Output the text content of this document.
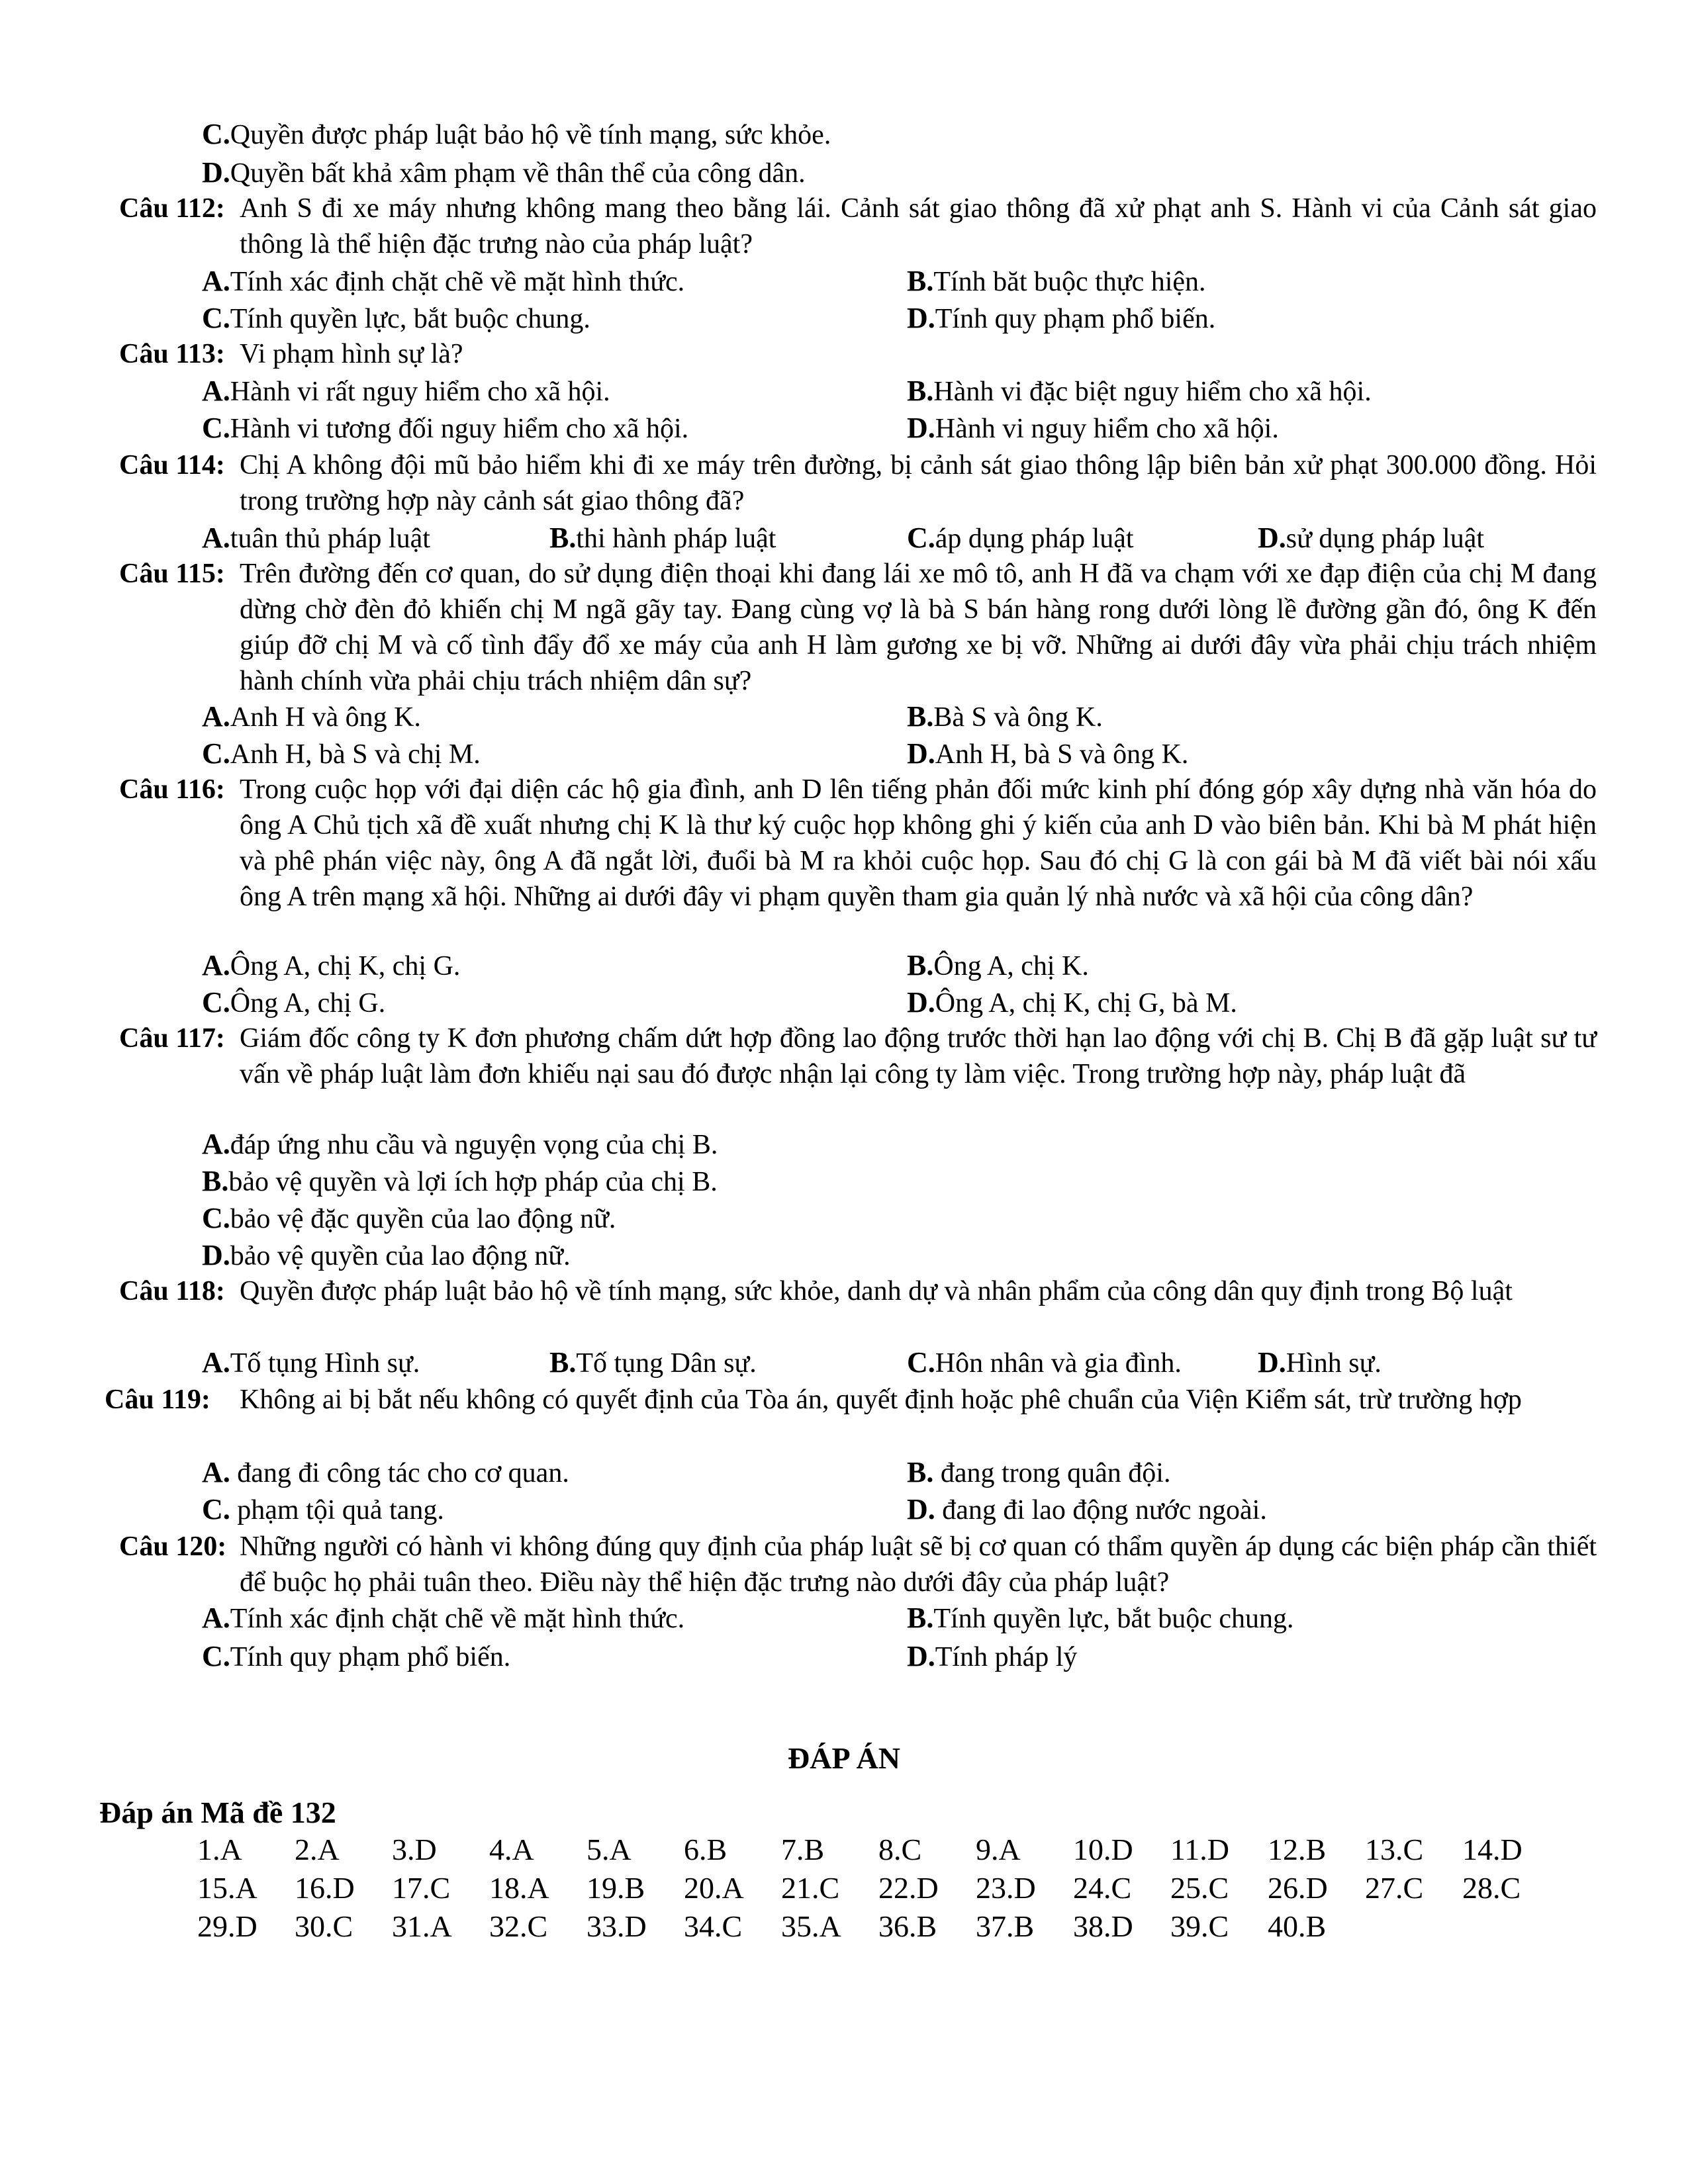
C.Quyền được pháp luật bảo hộ về tính mạng, sức khỏe.
D.Quyền bất khả xâm phạm về thân thể của công dân.
Câu 112: Anh S đi xe máy nhưng không mang theo bằng lái. Cảnh sát giao thông đã xử phạt anh S. Hành vi của Cảnh sát giao thông là thể hiện đặc trưng nào của pháp luật?
A.Tính xác định chặt chẽ về mặt hình thức.	B.Tính băt buộc thực hiện.
C.Tính quyền lực, bắt buộc chung.	D.Tính quy phạm phổ biến.
Câu 113: Vi phạm hình sự là?
A.Hành vi rất nguy hiểm cho xã hội.	B.Hành vi đặc biệt nguy hiểm cho xã hội.
C.Hành vi tương đối nguy hiểm cho xã hội.	D.Hành vi nguy hiểm cho xã hội.
Câu 114: Chị A không đội mũ bảo hiểm khi đi xe máy trên đường, bị cảnh sát giao thông lập biên bản xử phạt 300.000 đồng. Hỏi trong trường hợp này cảnh sát giao thông đã?
A.tuân thủ pháp luật	B.thi hành pháp luật	C.áp dụng pháp luật	D.sử dụng pháp luật
Câu 115: Trên đường đến cơ quan, do sử dụng điện thoại khi đang lái xe mô tô, anh H đã va chạm với xe đạp điện của chị M đang dừng chờ đèn đỏ khiến chị M ngã gãy tay. Đang cùng vợ là bà S bán hàng rong dưới lòng lề đường gần đó, ông K đến giúp đỡ chị M và cố tình đẩy đổ xe máy của anh H làm gương xe bị vỡ. Những ai dưới đây vừa phải chịu trách nhiệm hành chính vừa phải chịu trách nhiệm dân sự?
A.Anh H và ông K.	B.Bà S và ông K.
C.Anh H, bà S và chị M.	D.Anh H, bà S và ông K.
Câu 116: Trong cuộc họp với đại diện các hộ gia đình, anh D lên tiếng phản đối mức kinh phí đóng góp xây dựng nhà văn hóa do ông A Chủ tịch xã đề xuất nhưng chị K là thư ký cuộc họp không ghi ý kiến của anh D vào biên bản. Khi bà M phát hiện và phê phán việc này, ông A đã ngắt lời, đuổi bà M ra khỏi cuộc họp. Sau đó chị G là con gái bà M đã viết bài nói xấu ông A trên mạng xã hội. Những ai dưới đây vi phạm quyền tham gia quản lý nhà nước và xã hội của công dân?
A.Ông A, chị K, chị G.	B.Ông A, chị K.
C.Ông A, chị G.	D.Ông A, chị K, chị G, bà M.
Câu 117: Giám đốc công ty K đơn phương chấm dứt hợp đồng lao động trước thời hạn lao động với chị B. Chị B đã gặp luật sư tư vấn về pháp luật làm đơn khiếu nại sau đó được nhận lại công ty làm việc. Trong trường hợp này, pháp luật đã
A.đáp ứng nhu cầu và nguyện vọng của chị B.
B.bảo vệ quyền và lợi ích hợp pháp của chị B.
C.bảo vệ đặc quyền của lao động nữ.
D.bảo vệ quyền của lao động nữ.
Câu 118: Quyền được pháp luật bảo hộ về tính mạng, sức khỏe, danh dự và nhân phẩm của công dân quy định trong Bộ luật
A.Tố tụng Hình sự.	B.Tố tụng Dân sự.	C.Hôn nhân và gia đình.	D.Hình sự.
Câu 119: Không ai bị bắt nếu không có quyết định của Tòa án, quyết định hoặc phê chuẩn của Viện Kiểm sát, trừ trường hợp
A. đang đi công tác cho cơ quan.	B. đang trong quân đội.
C. phạm tội quả tang.	D. đang đi lao động nước ngoài.
Câu 120: Những người có hành vi không đúng quy định của pháp luật sẽ bị cơ quan có thẩm quyền áp dụng các biện pháp cần thiết để buộc họ phải tuân theo. Điều này thể hiện đặc trưng nào dưới đây của pháp luật?
A.Tính xác định chặt chẽ về mặt hình thức.	B.Tính quyền lực, bắt buộc chung.
C.Tính quy phạm phổ biến.	D.Tính pháp lý
ĐÁP ÁN
Đáp án Mã đề 132
1.A 2.A 3.D 4.A 5.A 6.B 7.B 8.C 9.A 10.D 11.D 12.B 13.C 14.D
15.A 16.D 17.C 18.A 19.B 20.A 21.C 22.D 23.D 24.C 25.C 26.D 27.C 28.C
29.D 30.C 31.A 32.C 33.D 34.C 35.A 36.B 37.B 38.D 39.C 40.B
